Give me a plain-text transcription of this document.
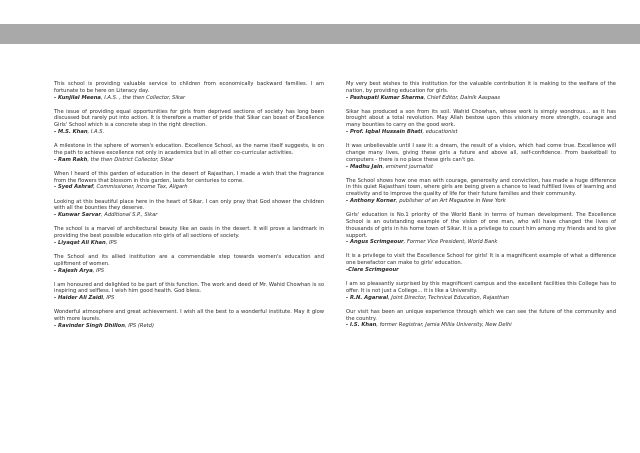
47

This school is providing valuable service to children from economically backward families. I am fortunate to be here on Literacy day.

- Kunjilal Meena, I.A.S. , the then Collector, Sikar

The issue of providing equal opportunities for girls from deprived sections of society has long been discussed but rarely put into action. It is therefore a matter of pride that Sikar can boast of Excellence Girls' School which is a concrete step in the right direction.

- M.S. Khan, I.A.S.

A milestone in the sphere of women's education. Excellence School, as the name itself suggests, is on the path to achieve excellence not only in academics but in all other co-curricular activities.

- Ram Rakh, the then District Collector, Sikar

When I heard of this garden of education in the desert of Rajasthan, I made a wish that the fragrance from the flowers that blossom in this garden, lasts for centuries to come.

- Syed Ashraf, Commissioner, Income Tax, Aligarh

Looking at this beautiful place here in the heart of Sikar, I can only pray that God shower the children with all the bounties they deserve.

- Kunwar Sarvar, Additional S.P., Sikar

The school is a marvel of architectural beauty like an oasis in the desert. It will prove a landmark in providing the best possible education nto girls of all sections of society.

- Liyaqat Ali Khan, IPS

The School and its allied institution are a commendable step towards women's education and upliftment of women.

- Rajesh Arya, IPS

I am honoured and delighted to be part of this function. The work and deed of Mr. Wahid Chowhan is so inspiring and selfless. I wish him good health. God bless.

- Haider Ali Zaidi, IPS

Wonderful atmosphere and great achievement. I wish all the best to a wonderful institute. May it glow with more laurels.

- Ravinder Singh Dhillon, IPS (Retd)

My very best wishes to this institution for the valuable contribution it is making to the welfare of the nation, by providing education for girls.

- Pashupati Kumar Sharma, Chief Editor, Dainik Aaspaas

Sikar has produced a son from its soil. Wahid Chowhan, whose work is simply wondrous... as it has brought about a total revolution. May Allah bestow upon this visionary more strength, courage and many bounties to carry on the good work.

- Prof. Iqbal Hussain Bhati, educationist

It was unbelievable until I saw it: a dream, the result of a vision, which had come true. Excellence will change many lives, giving these girls a future and above all, self-confidence. From basketball to computers - there is no place these girls can't go.

- Madhu Jain, eminent journalist

The School shows how one man with courage, generosity and conviction, has made a huge difference in this quiet Rajasthani town, where girls are being given a chance to lead fulfilled lives of learning and creativity and to improve the quality of life for their future families and their community.

- Anthony Korner, publisher of an Art Magazine in New York

Girls' education is No.1 priority of the World Bank in terms of human development. The Excellence School is an outstanding example of the vision of one man, who will have changed the lives of thousands of girls in his home town of Sikar. It is a privilege to count him among my friends and to give support.

- Angus Scrimgeour, Former Vice President, World Bank

It is a privilege to visit the Excellence School for girls! It is a magnificent example of what a difference one benefactor can make to girls' education.

-Clare Scrimgeour

I am so pleasantly surprised by this magnificent campus and the excellent facilities this College has to offer. It is not just a College... it is like a University.

- R.N. Agarwal, Joint Director, Technical Education, Rajasthan

Our visit has been an unique experience through which we can see the future of the community and the country.

- I.S. Khan, former Registrar, Jamia Millia University, New Delhi
